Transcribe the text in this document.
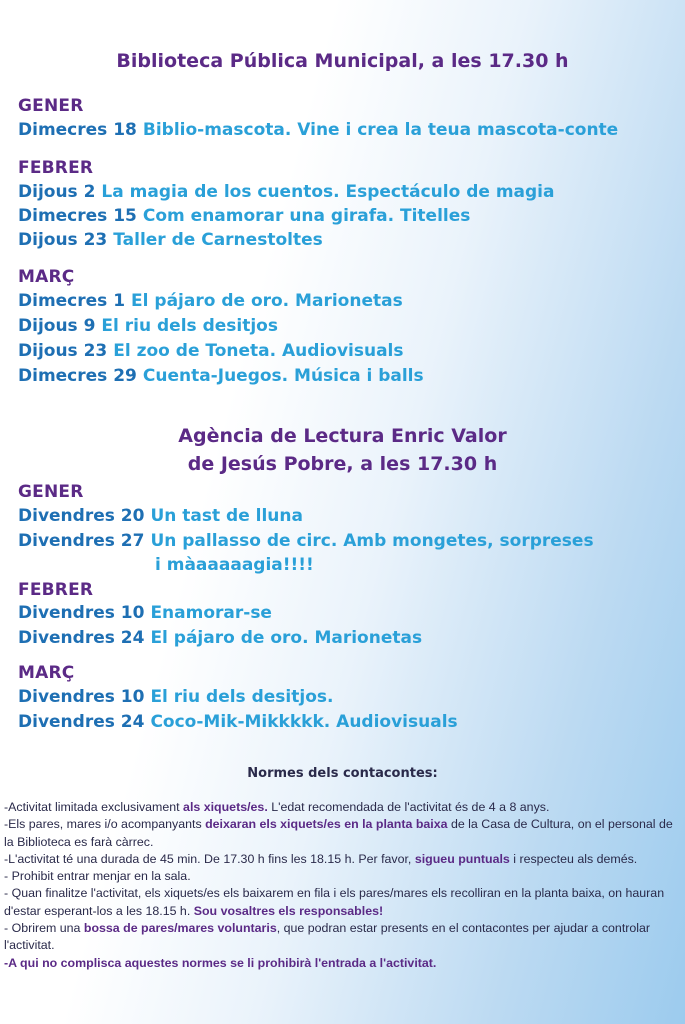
Biblioteca Pública Municipal, a les 17.30 h
GENER
Dimecres 18 Biblio-mascota. Vine i crea la teua mascota-conte
FEBRER
Dijous 2 La magia de los cuentos. Espectáculo de magia
Dimecres 15 Com enamorar una girafa. Titelles
Dijous 23 Taller de Carnestoltes
MARÇ
Dimecres 1 El pájaro de oro. Marionetas
Dijous 9 El riu dels desitjos
Dijous 23 El zoo de Toneta. Audiovisuals
Dimecres 29 Cuenta-Juegos. Música i balls
Agència de Lectura Enric Valor
de Jesús Pobre, a les 17.30 h
GENER
Divendres 20 Un tast de lluna
Divendres 27 Un pallasso de circ. Amb mongetes, sorpreses
i màaaaaagia!!!!
FEBRER
Divendres 10 Enamorar-se
Divendres 24 El pájaro de oro. Marionetas
MARÇ
Divendres 10 El riu dels desitjos.
Divendres 24 Coco-Mik-Mikkkkk. Audiovisuals
Normes dels contacontes:

-Activitat limitada exclusivament als xiquets/es. L'edat recomendada de l'activitat és de 4 a 8 anys.

-Els pares, mares i/o acompanyants deixaran els xiquets/es en la planta baixa de la Casa de Cultura, on el personal de la Biblioteca es farà càrrec.

-L'activitat té una durada de 45 min. De 17.30 h fins les 18.15 h. Per favor, sigueu puntuals i respecteu als demés.

- Prohibit entrar menjar en la sala.

- Quan finalitze l'activitat, els xiquets/es els baixarem en fila i els pares/mares els recolliran en la planta baixa, on hauran d'estar esperant-los a les 18.15 h. Sou vosaltres els responsables!

- Obrirem una bossa de pares/mares voluntaris, que podran estar presents en el contacontes per ajudar a controlar l'activitat.

-A qui no complisca aquestes normes se li prohibirà l'entrada a l'activitat.
